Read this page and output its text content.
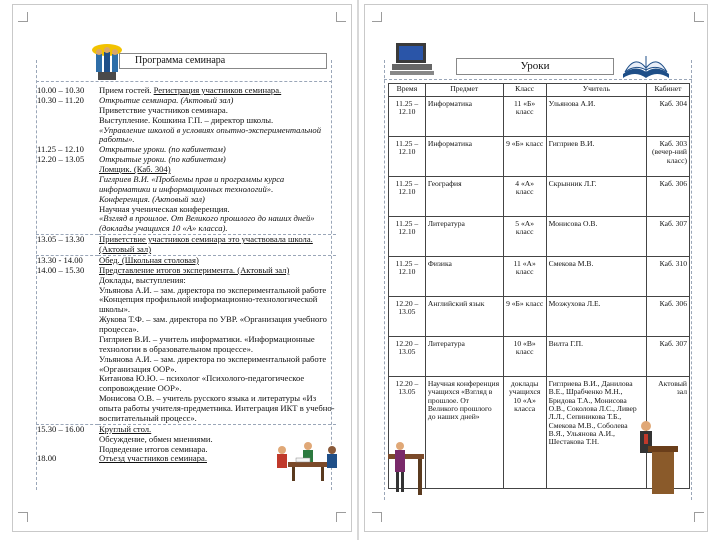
Программа семинара
10.00 – 10.30	Прием гостей. Регистрация участников семинара.
10.30 – 11.20	Открытие семинара. (Актовый зал)
	Приветствие участников семинара.
	Выступление. Кошкина Г.П. – директор школы.
	«Управление школой в условиях опытно-экспериментальной работы».
11.25 – 12.10	Открытые уроки. (по кабинетам)
12.20 – 13.05	Открытые уроки. (по кабинетам)
	Ломщик. (Каб. 304)
	Гиглриев В.И. «Проблемы прав и программы курса информатики и информационных технологий».
	Конференция. (Актовый зал)
	Научная ученическая конференция.
	«Взгляд в прошлое. От Великого прошлого до наших дней» (доклады учащихся 10 «А» класса).
13.05 – 13.30	Приветствие участников семинара это участвовала школа. (Актовый зал)
13.30 - 14.00	Обед. (Школьная столовая)
14.00 – 15.30	Представление итогов эксперимента. (Актовый зал)
	Доклады, выступления:
	Ульянова А.И. – зам. директора по экспериментальной работе «Концепция профильной информационно-технологической школы».
	Жукова Т.Ф. – зам. директора по УВР. «Организация учебного процесса».
	Гиглриев В.И. – учитель информатики. «Информационные технологии в образовательном процессе».
	Ульянова А.И. – зам. директора по экспериментальной работе «Организация ООР».
	Китанова Ю.Ю. – психолог «Психолого-педагогическое сопровождение ООР».
	Монисова О.В. – учитель русского языка и литературы «Из опыта работы учителя-предметника. Интеграция ИКТ в учебно-воспитательный процесс».
15.30 – 16.00	Круглый стол.
	Обсуждение, обмен мнениями.
	Подведение итогов семинара.
18.00	Отъезд участников семинара.
Уроки
Время	Предмет	Класс	Учитель	Кабинет
11.25 – 12.10	Информатика	11 «Б» класс	Ульянова А.И.	Каб. 304
11.25 – 12.10	Информатика	9 «Б» класс	Гиглриев В.И.	Каб. 303 (вечер-ний класс)
11.25 – 12.10	География	4 «А» класс	Скрынник Л.Г.	Каб. 306
11.25 – 12.10	Литература	5 «А» класс	Монисова О.В.	Каб. 307
11.25 – 12.10	Физика	11 «А» класс	Смекова М.В.	Каб. 310
12.20 – 13.05	Английский язык	9 «Б» класс	Мозжухова Л.Е.	Каб. 306
12.20 – 13.05	Литература	10 «В» класс	Вилта Г.П.	Каб. 307
12.20 – 13.05	Научная конференция учащихся «Взгляд в прошлое. От Великого прошлого до наших дней»	доклады учащихся 10 «А» класса	Гиглриева В.И., Данилова В.Е., Шрабченко М.Н., Бридова Т.А., Монисова О.В., Соколова Л.С., Ливер Л.Л., Сепиникова Т.Б., Смекова М.В., Соболева В.Я., Ульянова А.И., Шестакова Т.Н.	Актовый зал
